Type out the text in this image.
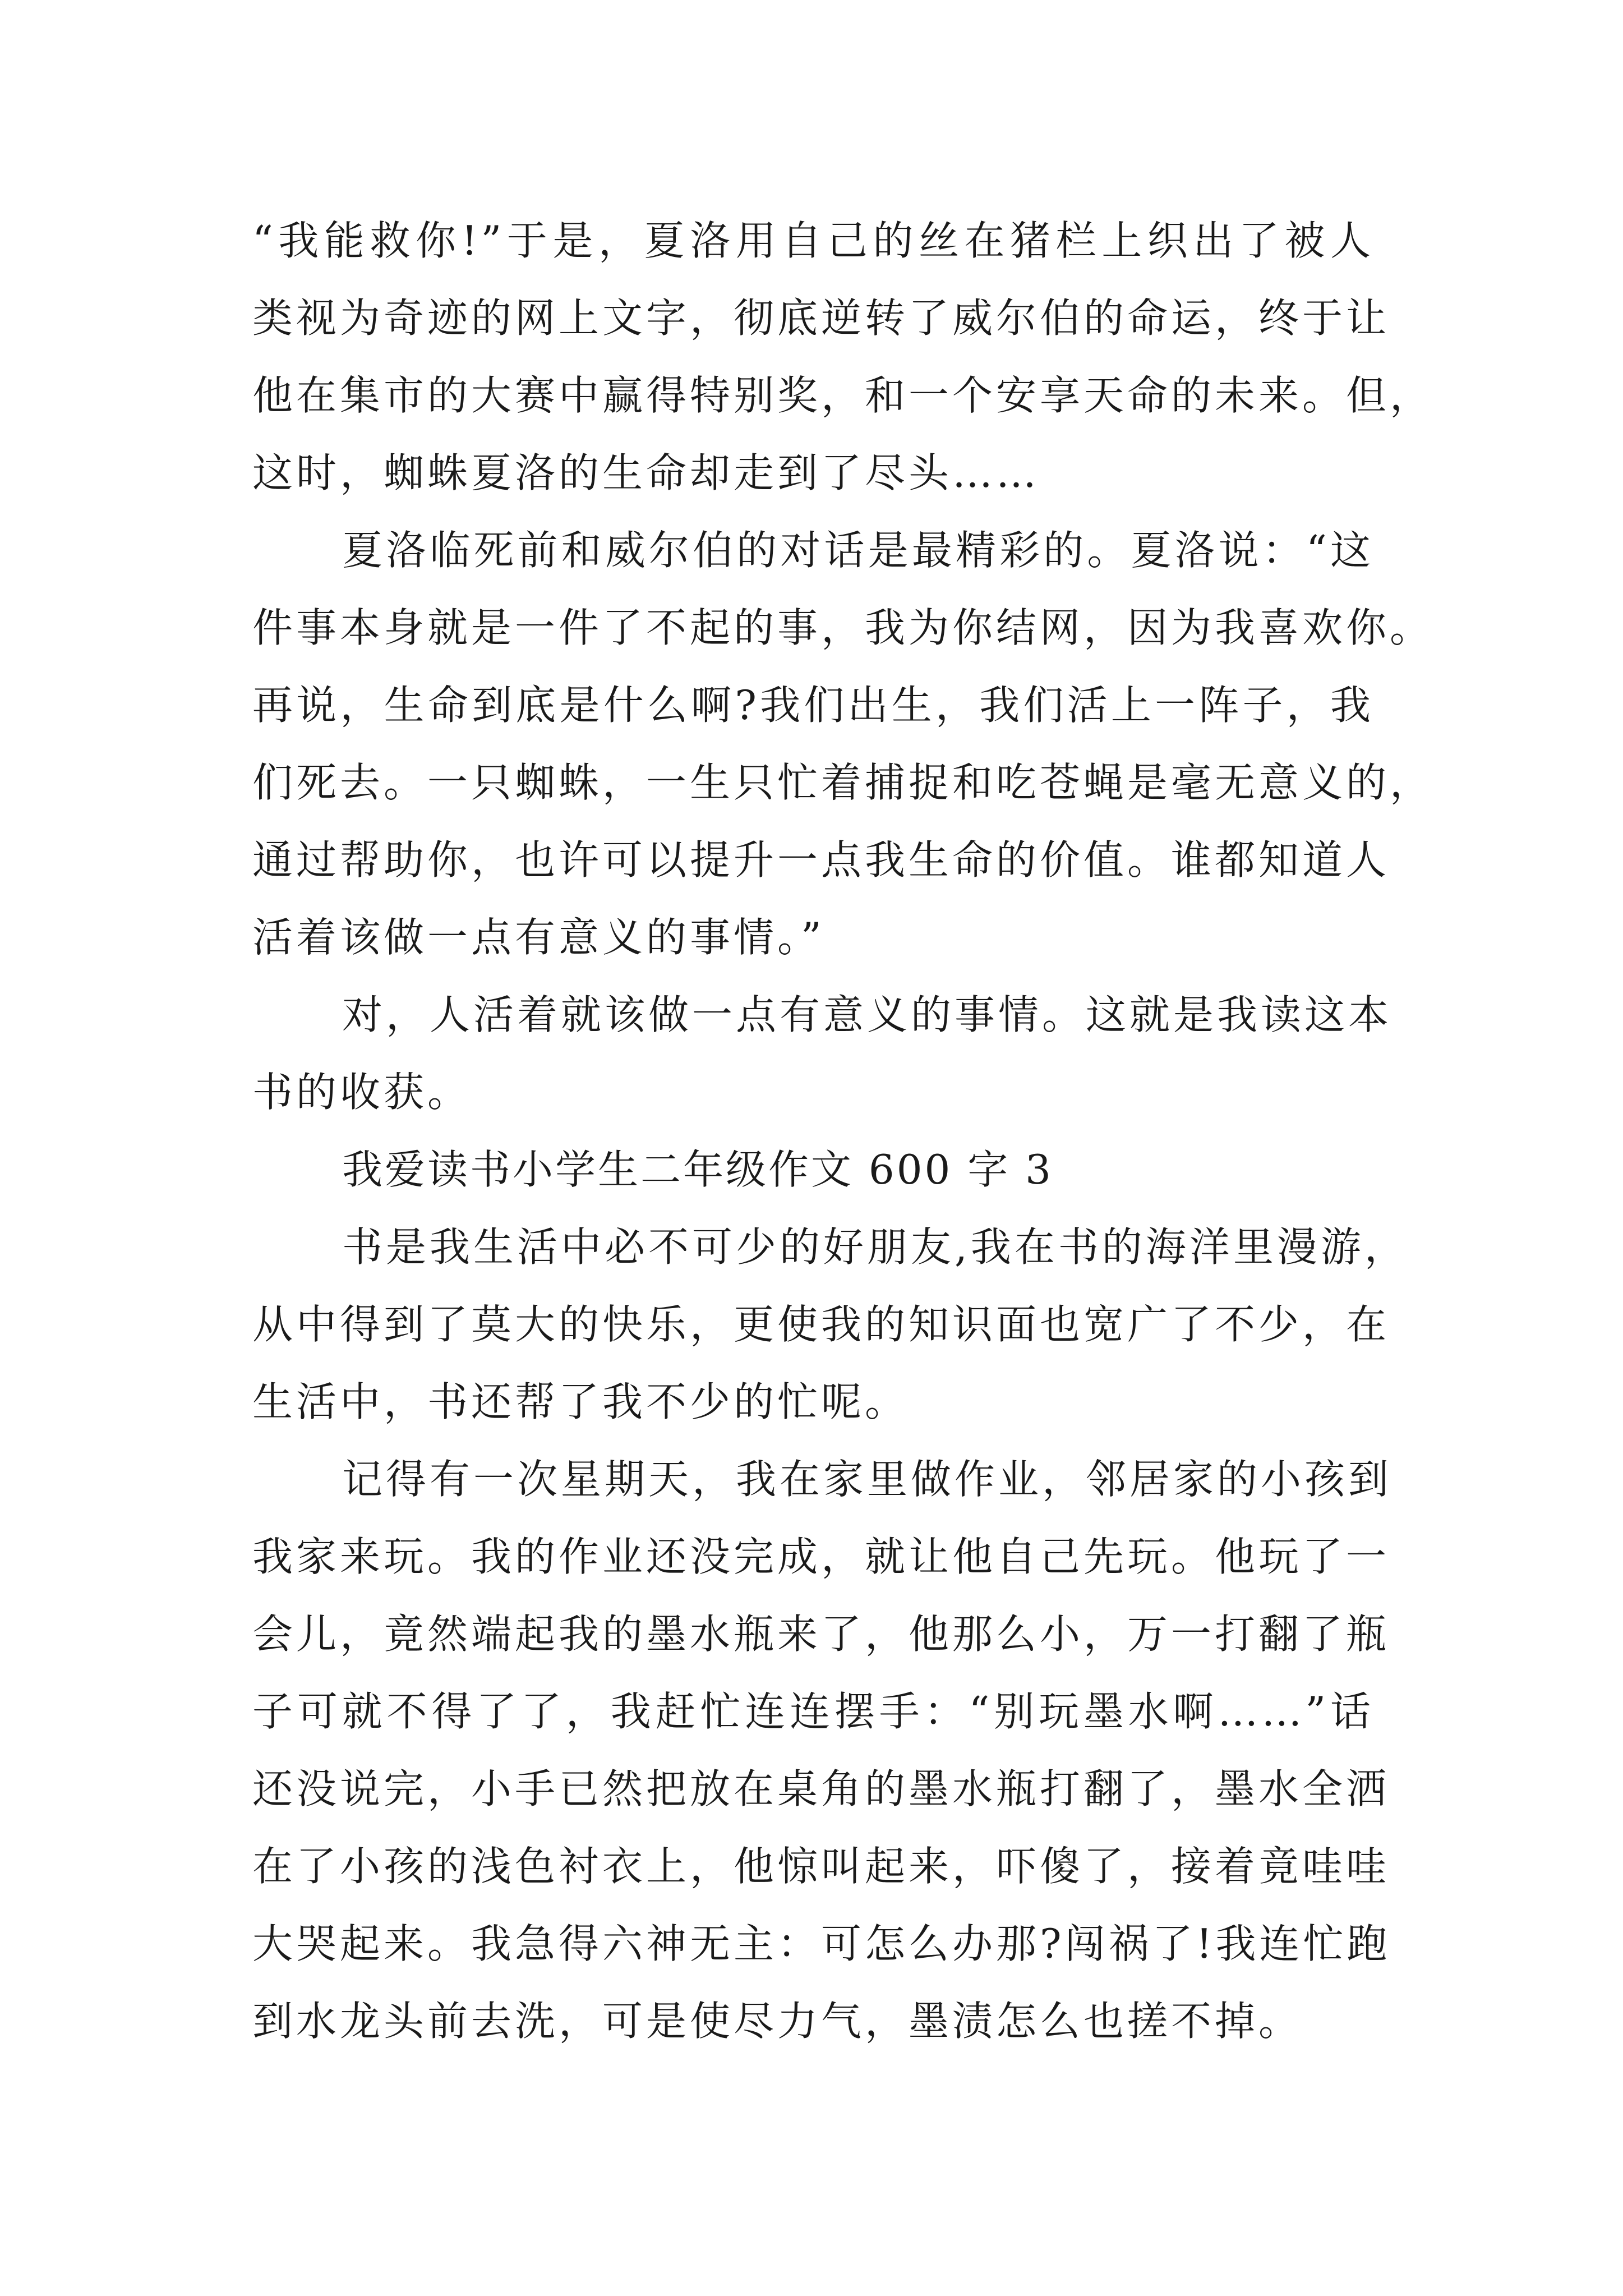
“我能救你!”于是，夏洛用自己的丝在猪栏上织出了被人
类视为奇迹的网上文字，彻底逆转了威尔伯的命运，终于让
他在集市的大赛中赢得特别奖，和一个安享天命的未来。但，
这时，蜘蛛夏洛的生命却走到了尽头……
夏洛临死前和威尔伯的对话是最精彩的。夏洛说：“这
件事本身就是一件了不起的事，我为你结网，因为我喜欢你。
再说，生命到底是什么啊?我们出生，我们活上一阵子，我
们死去。一只蜘蛛，一生只忙着捕捉和吃苍蝇是毫无意义的，
通过帮助你，也许可以提升一点我生命的价值。谁都知道人
活着该做一点有意义的事情。”
对，人活着就该做一点有意义的事情。这就是我读这本
书的收获。
我爱读书小学生二年级作文 600 字 3
书是我生活中必不可少的好朋友,我在书的海洋里漫游，
从中得到了莫大的快乐，更使我的知识面也宽广了不少，在
生活中，书还帮了我不少的忙呢。
记得有一次星期天，我在家里做作业，邻居家的小孩到
我家来玩。我的作业还没完成，就让他自己先玩。他玩了一
会儿，竟然端起我的墨水瓶来了，他那么小，万一打翻了瓶
子可就不得了了，我赶忙连连摆手：“别玩墨水啊……”话
还没说完，小手已然把放在桌角的墨水瓶打翻了，墨水全洒
在了小孩的浅色衬衣上，他惊叫起来，吓傻了，接着竟哇哇
大哭起来。我急得六神无主：可怎么办那?闯祸了!我连忙跑
到水龙头前去洗，可是使尽力气，墨渍怎么也搓不掉。
